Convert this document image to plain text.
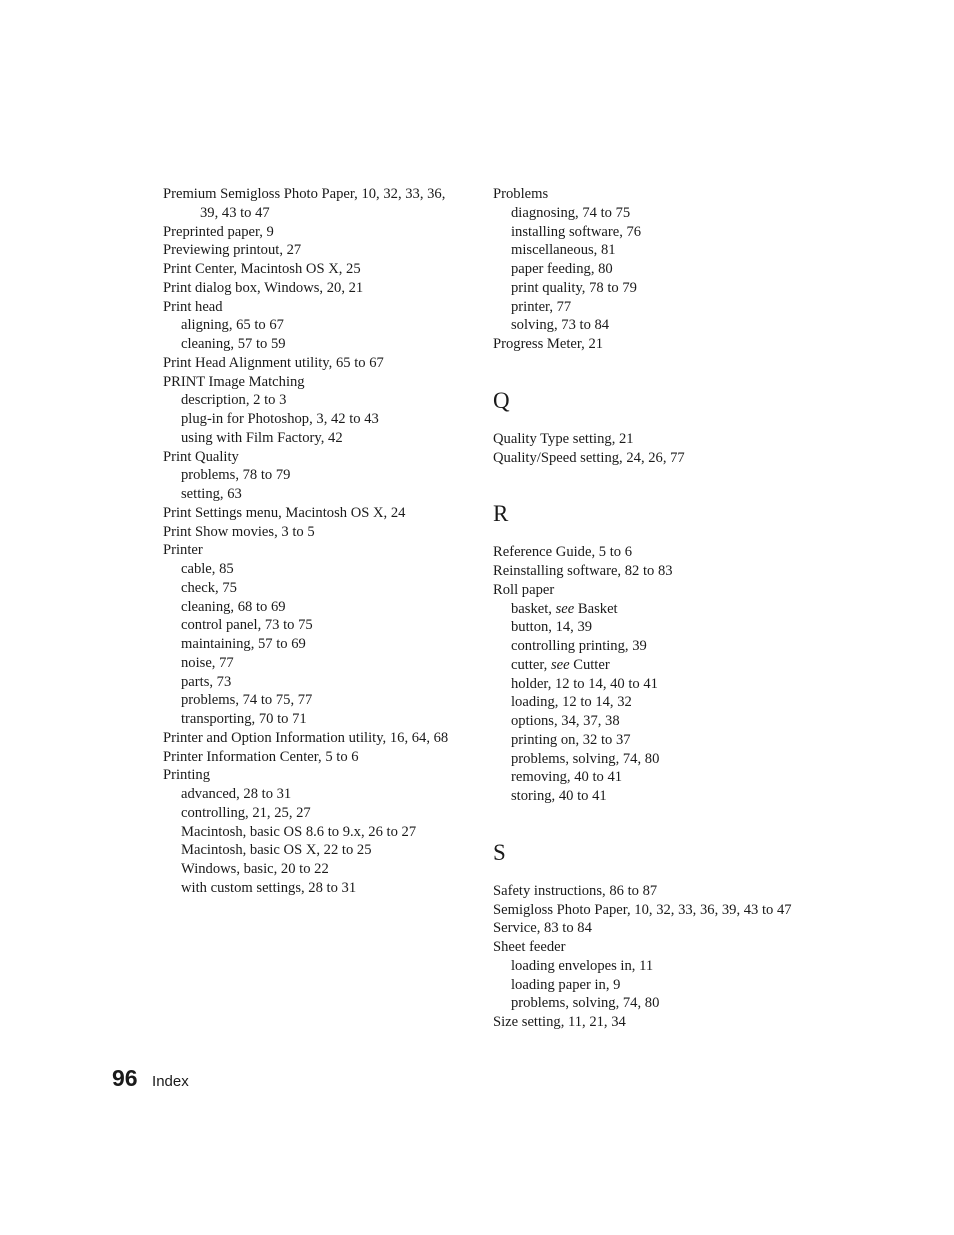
Premium Semigloss Photo Paper, 10, 32, 33, 36, 39, 43 to 47

Preprinted paper, 9

Previewing printout, 27

Print Center, Macintosh OS X, 25

Print dialog box, Windows, 20, 21

Print head

aligning, 65 to 67

cleaning, 57 to 59

Print Head Alignment utility, 65 to 67

PRINT Image Matching

description, 2 to 3

plug-in for Photoshop, 3, 42 to 43

using with Film Factory, 42

Print Quality

problems, 78 to 79

setting, 63

Print Settings menu, Macintosh OS X, 24

Print Show movies, 3 to 5

Printer

cable, 85

check, 75

cleaning, 68 to 69

control panel, 73 to 75

maintaining, 57 to 69

noise, 77

parts, 73

problems, 74 to 75, 77

transporting, 70 to 71

Printer and Option Information utility, 16, 64, 68

Printer Information Center, 5 to 6

Printing

advanced, 28 to 31

controlling, 21, 25, 27

Macintosh, basic OS 8.6 to 9.x, 26 to 27

Macintosh, basic OS X, 22 to 25

Windows, basic, 20 to 22

with custom settings, 28 to 31

Problems

diagnosing, 74 to 75

installing software, 76

miscellaneous, 81

paper feeding, 80

print quality, 78 to 79

printer, 77

solving, 73 to 84

Progress Meter, 21

Q

Quality Type setting, 21

Quality/Speed setting, 24, 26, 77

R

Reference Guide, 5 to 6

Reinstalling software, 82 to 83

Roll paper

basket, see Basket

button, 14, 39

controlling printing, 39

cutter, see Cutter

holder, 12 to 14, 40 to 41

loading, 12 to 14, 32

options, 34, 37, 38

printing on, 32 to 37

problems, solving, 74, 80

removing, 40 to 41

storing, 40 to 41

S

Safety instructions, 86 to 87

Semigloss Photo Paper, 10, 32, 33, 36, 39, 43 to 47

Service, 83 to 84

Sheet feeder

loading envelopes in, 11

loading paper in, 9

problems, solving, 74, 80

Size setting, 11, 21, 34

96 Index
